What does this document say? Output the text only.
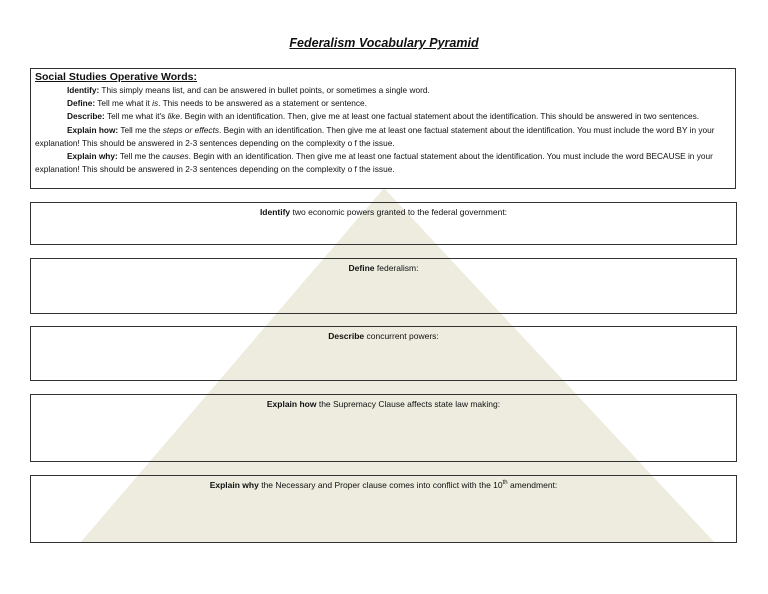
Federalism Vocabulary Pyramid
Social Studies Operative Words:

Identify: This simply means list, and can be answered in bullet points, or sometimes a single word.

Define: Tell me what it is. This needs to be answered as a statement or sentence.

Describe: Tell me what it's like. Begin with an identification. Then, give me at least one factual statement about the identification. This should be answered in two sentences.

Explain how: Tell me the steps or effects. Begin with an identification. Then give me at least one factual statement about the identification. You must include the word BY in your explanation! This should be answered in 2-3 sentences depending on the complexity o f the issue.

Explain why: Tell me the causes. Begin with an identification. Then give me at least one factual statement about the identification. You must include the word BECAUSE in your explanation! This should be answered in 2-3 sentences depending on the complexity o f the issue.

Identify two economic powers granted to the federal government:
Define federalism:
Describe concurrent powers:
Explain how the Supremacy Clause affects state law making:
Explain why the Necessary and Proper clause comes into conflict with the 10th amendment:
